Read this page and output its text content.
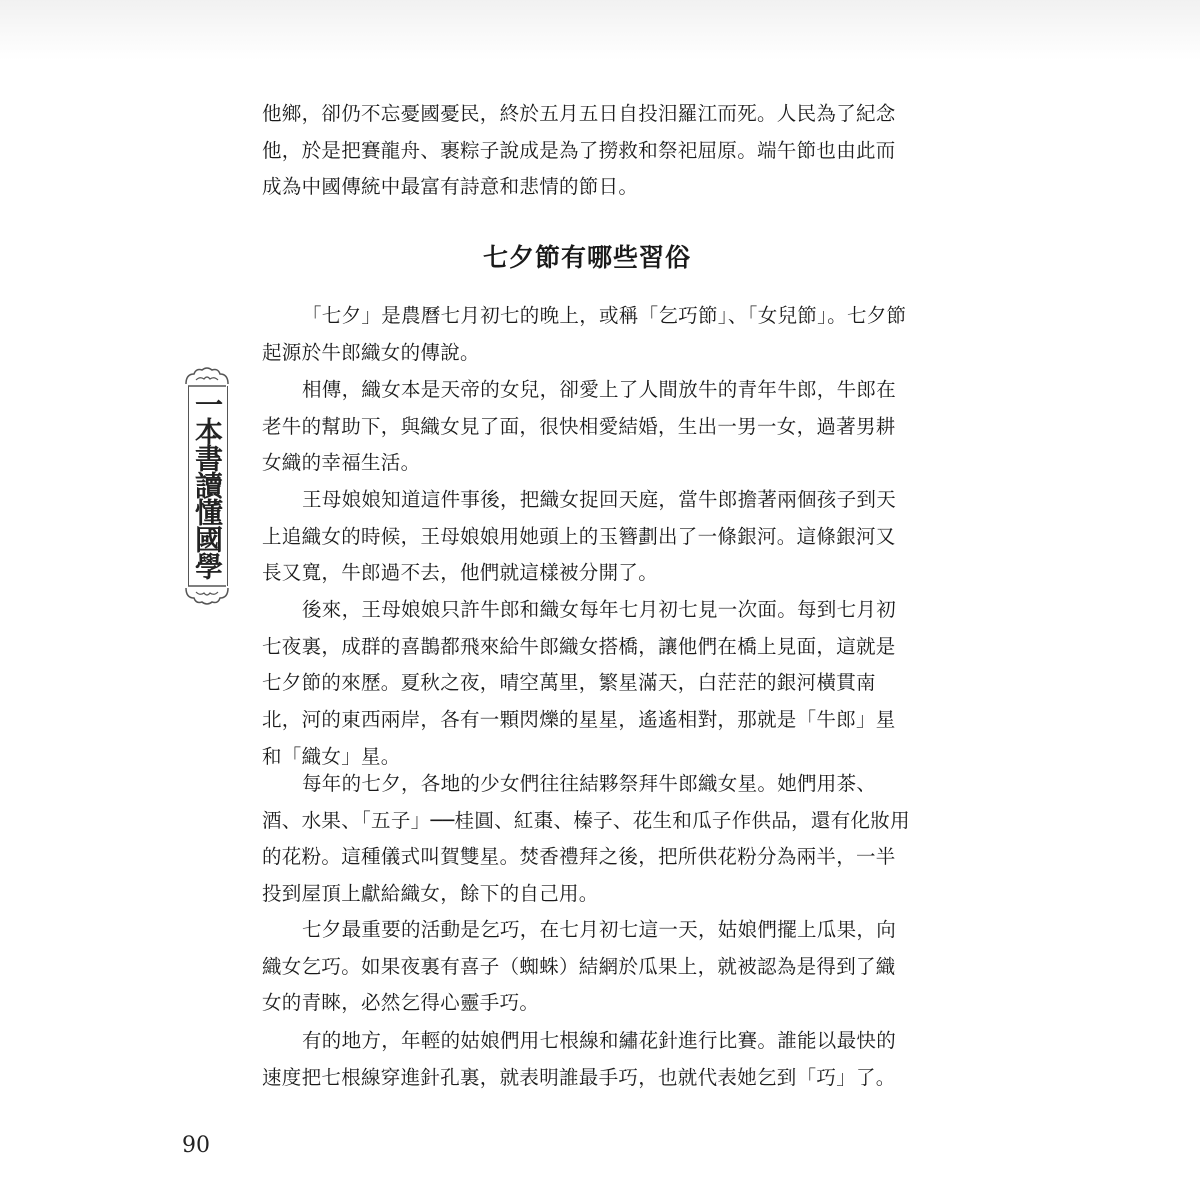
他鄉，卻仍不忘憂國憂民，終於五月五日自投汨羅江而死。人民為了紀念他，於是把賽龍舟、裹粽子說成是為了撈救和祭祀屈原。端午節也由此而成為中國傳統中最富有詩意和悲情的節日。

七夕節有哪些習俗

「七夕」是農曆七月初七的晚上，或稱「乞巧節」、「女兒節」。七夕節起源於牛郎織女的傳說。

相傳，織女本是天帝的女兒，卻愛上了人間放牛的青年牛郎，牛郎在老牛的幫助下，與織女見了面，很快相愛結婚，生出一男一女，過著男耕女織的幸福生活。

王母娘娘知道這件事後，把織女捉回天庭，當牛郎擔著兩個孩子到天上追織女的時候，王母娘娘用她頭上的玉簪劃出了一條銀河。這條銀河又長又寬，牛郎過不去，他們就這樣被分開了。

後來，王母娘娘只許牛郎和織女每年七月初七見一次面。每到七月初七夜裏，成群的喜鵲都飛來給牛郎織女搭橋，讓他們在橋上見面，這就是七夕節的來歷。夏秋之夜，晴空萬里，繁星滿天，白茫茫的銀河橫貫南北，河的東西兩岸，各有一顆閃爍的星星，遙遙相對，那就是「牛郎」星和「織女」星。

每年的七夕，各地的少女們往往結夥祭拜牛郎織女星。她們用茶、酒、水果、「五子」──桂圓、紅棗、榛子、花生和瓜子作供品，還有化妝用的花粉。這種儀式叫賀雙星。焚香禮拜之後，把所供花粉分為兩半，一半投到屋頂上獻給織女，餘下的自己用。

七夕最重要的活動是乞巧，在七月初七這一天，姑娘們擺上瓜果，向織女乞巧。如果夜裏有喜子（蜘蛛）結網於瓜果上，就被認為是得到了織女的青睞，必然乞得心靈手巧。

有的地方，年輕的姑娘們用七根線和繡花針進行比賽。誰能以最快的速度把七根線穿進針孔裏，就表明誰最手巧，也就代表她乞到「巧」了。

一本書讀懂國學
90
